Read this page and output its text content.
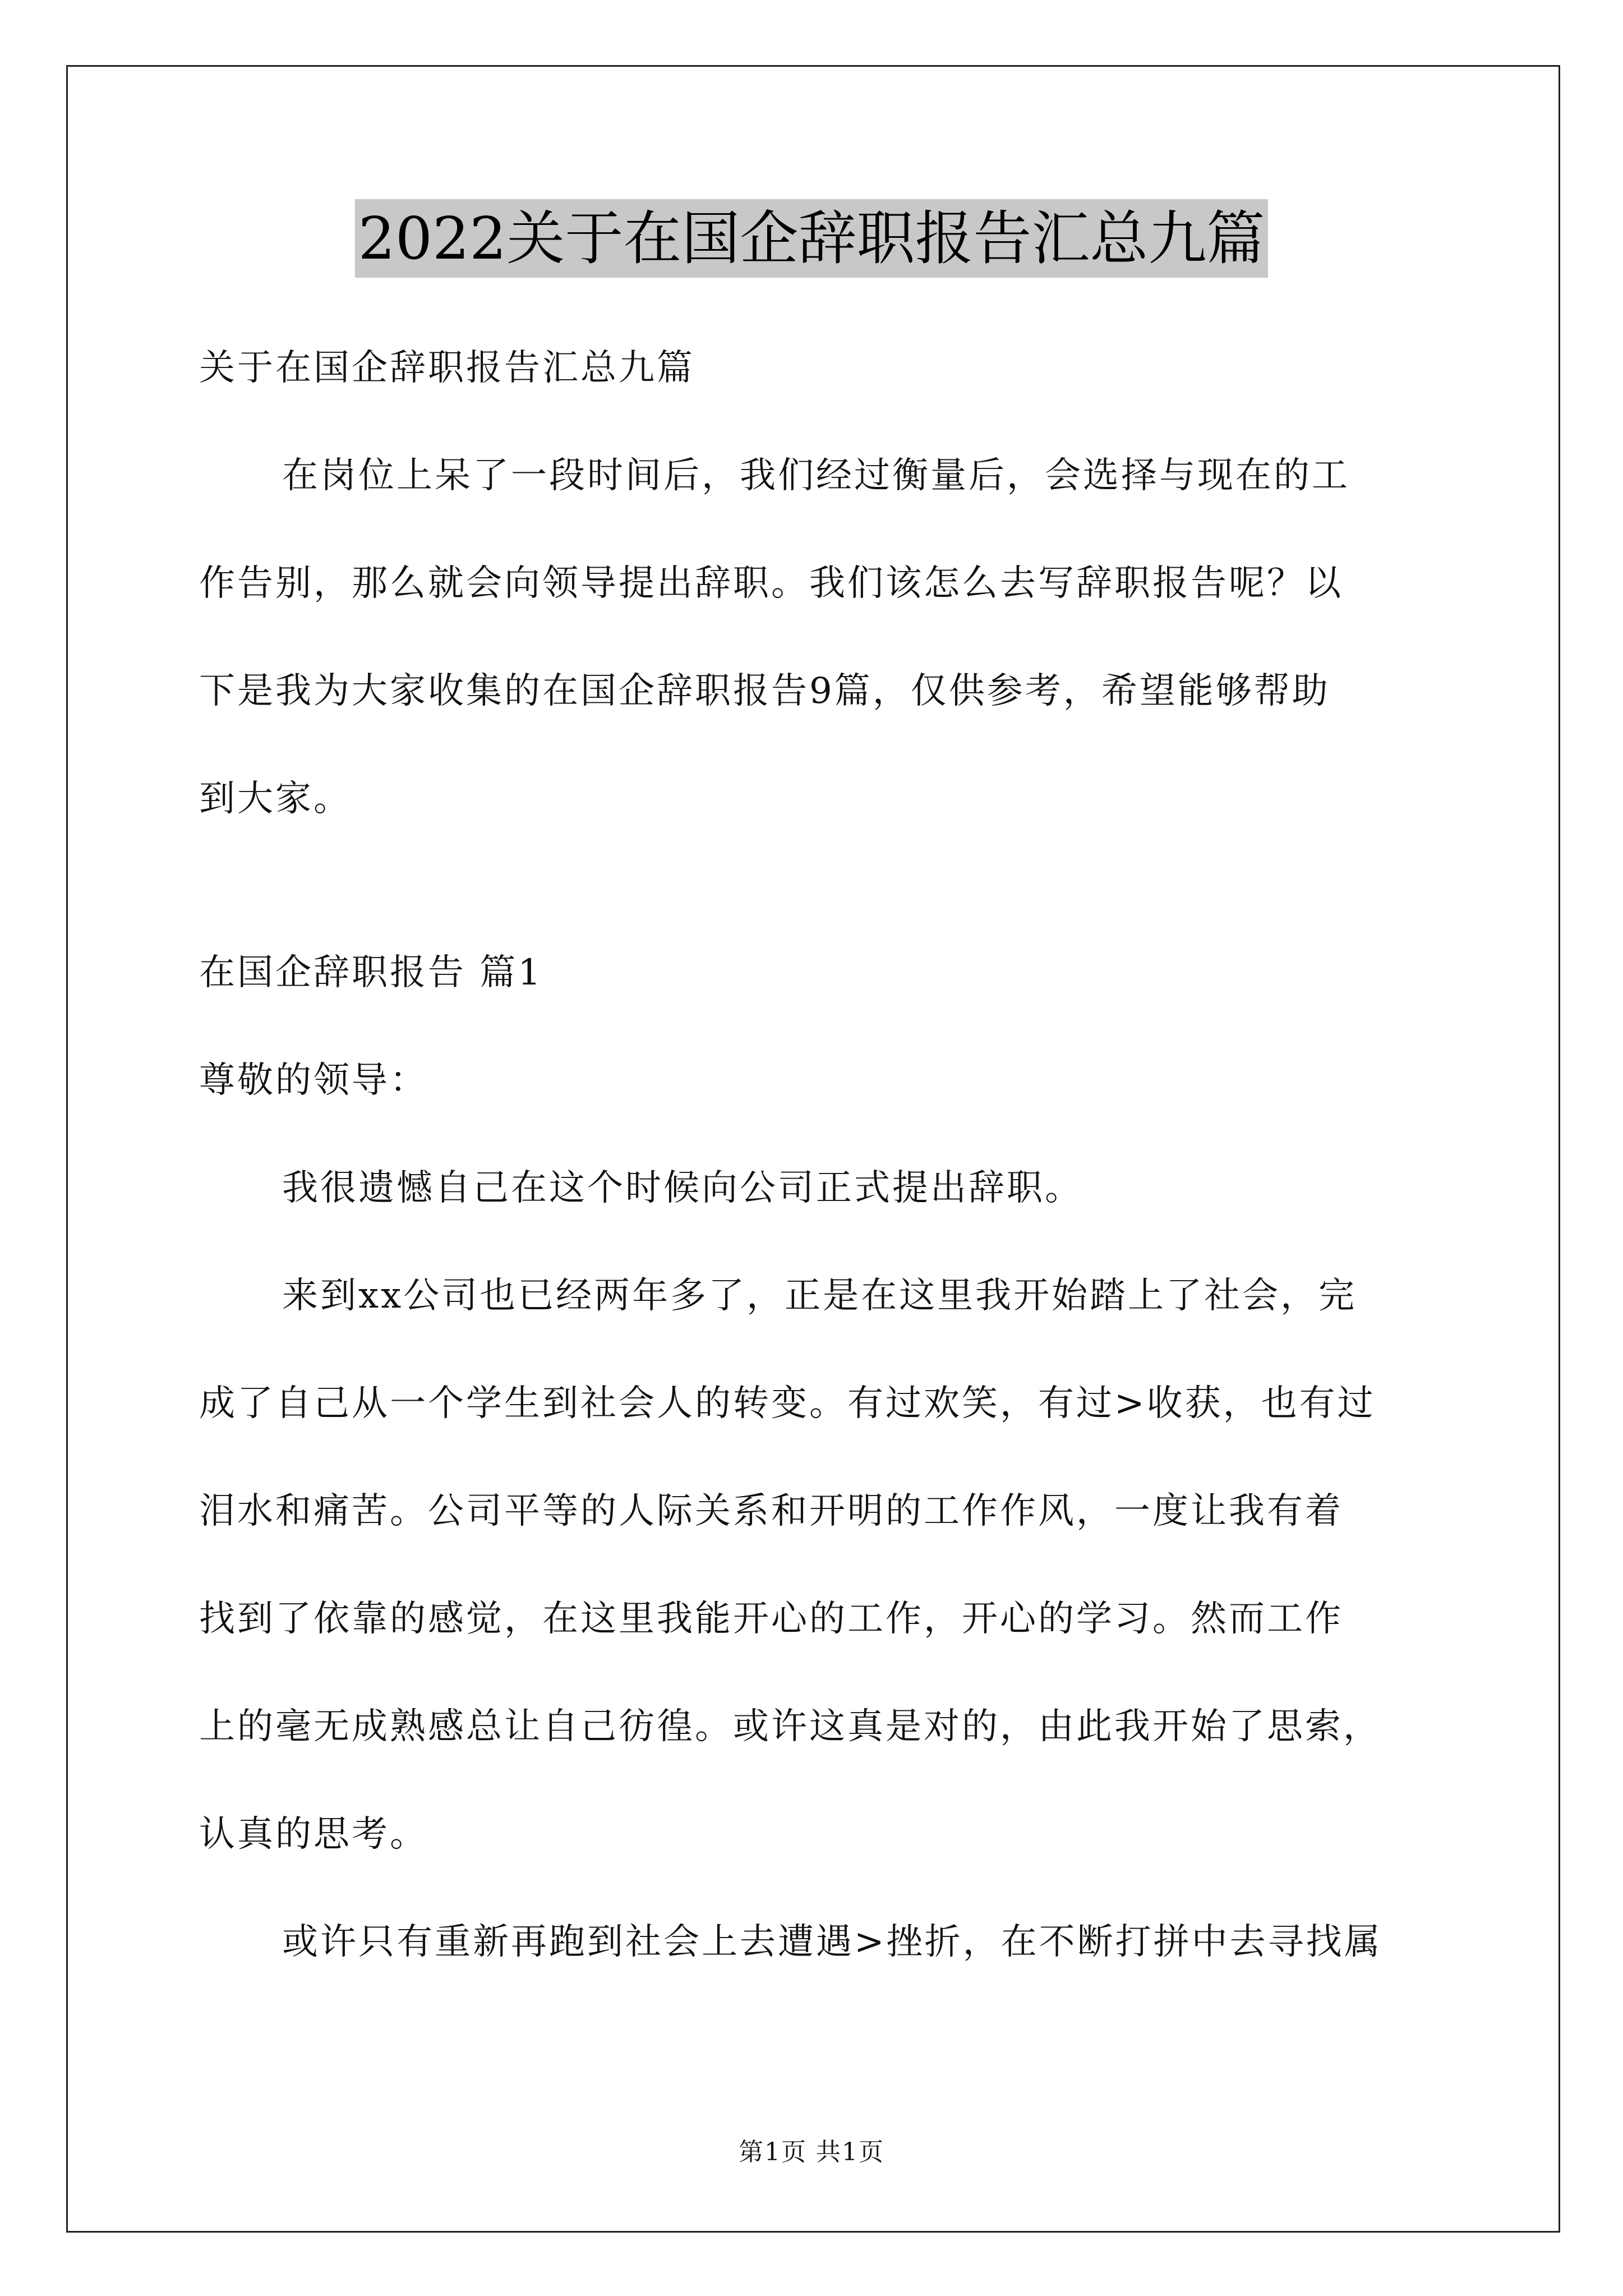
2022关于在国企辞职报告汇总九篇
关于在国企辞职报告汇总九篇
在岗位上呆了一段时间后，我们经过衡量后，会选择与现在的工
作告别，那么就会向领导提出辞职。我们该怎么去写辞职报告呢？以
下是我为大家收集的在国企辞职报告9篇，仅供参考，希望能够帮助
到大家。
在国企辞职报告 篇1
尊敬的领导：
我很遗憾自己在这个时候向公司正式提出辞职。
来到xx公司也已经两年多了，正是在这里我开始踏上了社会，完
成了自己从一个学生到社会人的转变。有过欢笑，有过>收获，也有过
泪水和痛苦。公司平等的人际关系和开明的工作作风，一度让我有着
找到了依靠的感觉，在这里我能开心的工作，开心的学习。然而工作
上的毫无成熟感总让自己彷徨。或许这真是对的，由此我开始了思索，
认真的思考。
或许只有重新再跑到社会上去遭遇>挫折，在不断打拼中去寻找属
第1页 共1页
